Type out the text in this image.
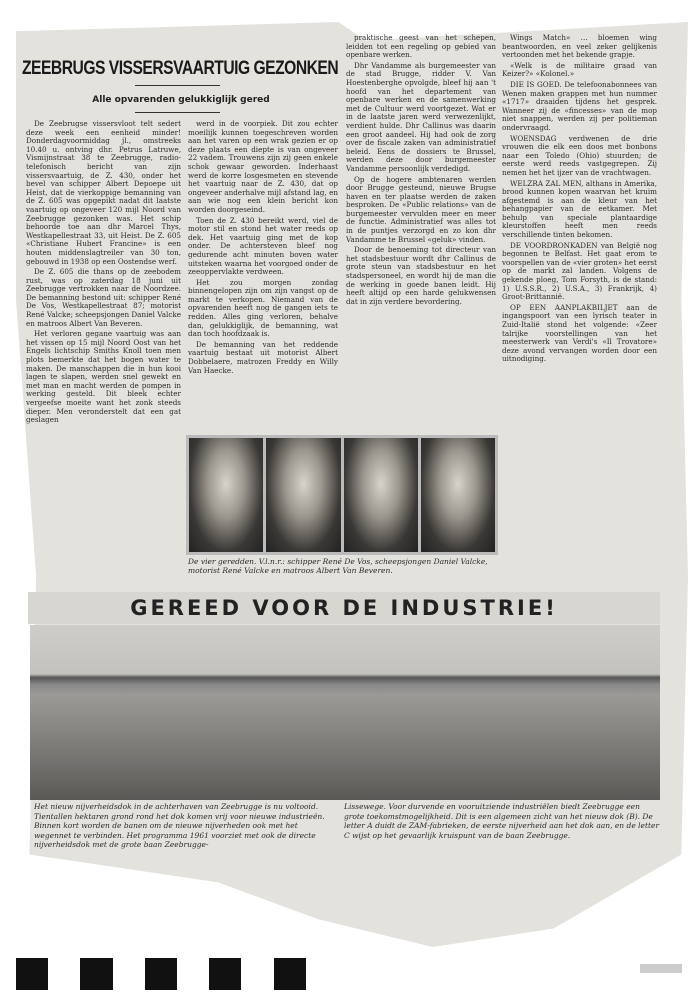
ZEEBRUGS VISSERSVAARTUIG GEZONKEN
Alle opvarenden gelukkiglijk gered

De Zeebrugse vissersvloot telt sedert deze week een eenheid minder! Donderdagvoormiddag jl., omstreeks 10.40 u. ontving dhr. Petrus Latruwe, Vismijnstraat 38 te Zeebrugge, radio-telefonisch bericht van zijn vissersvaartuig, de Z. 430, onder het bevel van schipper Albert Depoepe uit Heist, dat de vierkoppige bemanning van de Z. 605 was opgepikt nadat dit laatste vaartuig op ongeveer 120 mijl Noord van Zeebrugge gezonken was. Het schip behoorde toe aan dhr Marcel Thys, Westkapellestraat 33, uit Heist. De Z. 605 «Christiane Hubert Francine» is een houten middenslagtreiler van 30 ton, gebouwd in 1938 op een Oostendse werf.

De Z. 605 die thans op de zeebodem rust, was op zaterdag 18 juni uit Zeebrugge vertrokken naar de Noordzee. De bemanning bestond uit: schipper René De Vos, Westkapellestraat 87; motorist René Valcke; scheepsjongen Daniel Valcke en matroos Albert Van Beveren.

Het verloren gegane vaartuig was aan het vissen op 15 mijl Noord Oost van het Engels lichtschip Smiths Knoll toen men plots bemerkte dat het bogen water te maken. De manschappen die in hun kooi lagen te slapen, werden snel gewekt en met man en macht werden de pompen in werking gesteld. Dit bleek echter vergeefse moeite want het zonk steeds dieper. Men veronderstelt dat een gat geslagen

werd in de voorpiek. Dit zou echter moeilijk kunnen toegeschreven worden aan het varen op een wrak gezien er op deze plaats een diepte is van ongeveer 22 vadem. Trouwens zijn zij geen enkele schok gewaar geworden. Inderhaast werd de korre losgesmeten en stevende het vaartuig naar de Z. 430, dat op ongeveer anderhalve mijl afstand lag, en aan wie nog een klein bericht kon worden doorgeseind.

Toen de Z. 430 bereikt werd, viel de motor stil en stond het water reeds op dek. Het vaartuig ging met de kop onder. De achtersteven bleef nog gedurende acht minuten boven water uitsteken waarna het voorgoed onder de zeeoppervlakte verdween.

Het zou morgen zondag binnengelopen zijn om zijn vangst op de markt te verkopen. Niemand van de opvarenden heeft nog de gangen iets te redden. Alles ging verloren, behalve dan, gelukkiglijk, de bemanning, wat dan toch hoofdzaak is.

De bemanning van het reddende vaartuig bestaat uit motorist Albert Dobbelaere, matrozen Freddy en Willy Van Haecke.

praktische geest van het schepen, leidden tot een regeling op gebied van openbare werken.

Dhr Vandamme als burgemeester van de stad Brugge, ridder V. Van Hoestenberghe opvolgde, bleef hij aan 't hoofd van het departement van openbare werken en de samenwerking met de Cultuur werd voortgezet. Wat er in de laatste jaren werd verwezenlijkt, verdient hulde. Dhr Callinus was daarin een groot aandeel. Hij had ook de zorg over de fiscale zaken van administratief beleid. Eens de dossiers te Brussel, werden deze door burgemeester Vandamme persoonlijk verdedigd.

Op de hogere ambtenaren werden door Brugge gesteund, nieuwe Brugse haven en ter plaatse werden de zaken besproken. De «Public relations» van de burgemeester vervulden meer en meer de functie. Administratief was alles tot in de puntjes verzorgd en zo kon dhr Vandamme te Brussel «geluk» vinden.

Door de benoeming tot directeur van het stadsbestuur wordt dhr Callinus de grote steun van stadsbestuur en het stadspersoneel, en wordt hij de man die de werking in goede banen leidt. Hij heeft altijd op een harde gelukwensen dat in zijn verdere bevordering.

Wings Match» ... bloemen wing beantwoorden, en veel zeker gelijkenis vertoonden met het bekende grapje.

«Welk is de militaire graad van Keizer?» «Kolonel.»

DIE IS GOED. De telefoonabonnees van Wenen maken grappen met hun nummer «1717» draaiden tijdens het gesprek. Wanneer zij de «fincesses» van de mop niet snappen, werden zij per politieman ondervraagd.

WOENSDAG verdwenen de drie vrouwen die elk een doos met bonbons naar een Toledo (Ohio) stuurden; de eerste werd reeds vastgegrepen. Zij nemen het het ijzer van de vrachtwagen.

WELZRA ZAL MEN, althans in Amerika, brood kunnen kopen waarvan het kruim afgestemd is aan de kleur van het behangpapier van de eetkamer. Met behulp van speciale plantaardige kleurstoffen heeft men reeds verschillende tinten bekomen.

DE VOORDRONKADEN van België nog begonnen te Belfast. Het gaat erom te voorspellen van de «vier groten» het eerst op de markt zal landen. Volgens de gekende ploeg, Tom Forsyth, is de stand: 1) U.S.S.R., 2) U.S.A., 3) Frankrijk, 4) Groot-Brittannië.

OP EEN AANPLAKBILJET aan de ingangspoort van een lyrisch teater in Zuid-Italië stond het volgende: «Zeer talrijke voorstellingen van het meesterwerk van Verdi's «Il Trovatore» deze avond vervangen worden door een uitnodiging.

De vier geredden. V.l.n.r.: schipper René De Vos, scheepsjongen Daniel Valcke, motorist René Valcke en matroos Albert Van Beveren.
GEREED VOOR DE INDUSTRIE!
Het nieuw nijverheidsdok in de achterhaven van Zeebrugge is nu voltooid. Tientallen hektaren grond rond het dok komen vrij voor nieuwe industrieën. Binnen kort worden de banen om de nieuwe nijverheden ook met het wegennet te verbinden. Het programma 1961 voorziet met ook de directe nijverheidsdok met de grote baan Zeebrugge-
Lissewege. Voor durvende en vooruitziende industriëlen biedt Zeebrugge een grote toekomstmogelijkheid. Dit is een algemeen zicht van het nieuw dok (B). De letter A duidt de ZAM-fabrieken, de eerste nijverheid aan het dok aan, en de letter C wijst op het gevaarlijk kruispunt van de baan Zeebrugge.
